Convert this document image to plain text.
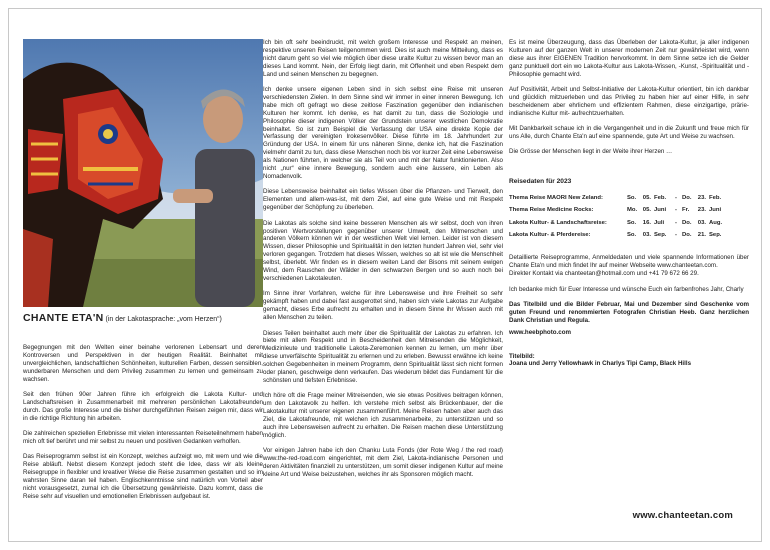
CHANTE ETA'N (in der Lakotasprache: „vom Herzen“)

Begegnungen mit den Welten einer beinahe verlorenen Lebensart und deren Kontroversen und Perspektiven in der heutigen Realität. Beinhaltet mit unvergleichlichen, landschaftlichen Schönheiten, kulturellen Farben, dessen sensiblen, wunderbaren Menschen und dem Privileg zusammen zu lernen und gemeinsam zu wachsen.

Seit den frühen 90er Jahren führe ich erfolgreich die Lakota Kultur- und Landschaftsreisen in Zusammenarbeit mit mehreren persönlichen Lakotafreunden durch. Das große Interesse und die bisher durchgeführten Reisen zeigen mir, dass wir in die richtige Richtung hin arbeiten.

Die zahlreichen speziellen Erlebnisse mit vielen interessanten Reiseteilnehmern haben mich oft tief berührt und mir selbst zu neuen und positiven Gedanken verholfen.

Das Reiseprogramm selbst ist ein Konzept, welches aufzeigt wo, mit wem und wie die Reise abläuft. Nebst diesem Konzept jedoch steht die Idee, dass wir als kleine Reisegruppe in flexibler und kreativer Weise die Reise zusammen gestalten und so im wahrsten Sinne daran teil haben. Englischkenntnisse sind natürlich von Vorteil aber nicht vorausgesetzt, zumal ich die Übersetzung gewährleiste. Dazu kommt, dass die Reise sehr auf visuellen und emotionellen Erlebnissen aufgebaut ist.

Ich bin oft sehr beeindruckt, mit welch großem Interesse und Respekt an meinen, respektive unseren Reisen teilgenommen wird. Dies ist auch meine Mitteilung, dass es nicht darum geht so viel wie möglich über diese uralte Kultur zu wissen bevor man an dieses Land kommt. Nein, der Erfolg liegt darin, mit Offenheit und eben Respekt dem Land und seinen Menschen zu begegnen.

Ich denke unsere eigenen Leben sind in sich selbst eine Reise mit unseren verschiedensten Zielen. In dem Sinne sind wir immer in einer inneren Bewegung. Ich habe mich oft gefragt wo diese zeitlose Faszination gegenüber den indianischen Kulturen her kommt. Ich denke, es hat damit zu tun, dass die Soziologie und Philosophie dieser indigenen Völker der Grundstein unserer westlichen Demokratie beinhaltet. So ist zum Beispiel die Verfassung der USA eine direkte Kopie der Verfassung der vereinigten Irokesenvölker. Diese führte im 18. Jahrhundert zur Gründung der USA. In einem für uns näheren Sinne, denke ich, hat die Faszination vielmehr damit zu tun, dass diese Menschen noch bis vor kurzer Zeit eine Lebensweise als Nationen führten, in welcher sie als Teil von und mit der Natur funktionierten. Also nicht „nur“ eine innere Bewegung, sondern auch eine äussere, ein Leben als Nomadenvolk.

Diese Lebensweise beinhaltet ein tiefes Wissen über die Pflanzen- und Tierwelt, den Elementen und allem-was-ist, mit dem Ziel, auf eine gute Weise und mit Respekt gegenüber der Schöpfung zu überleben.

Die Lakotas als solche sind keine besseren Menschen als wir selbst, doch von ihren positiven Wertvorstellungen gegenüber unserer Umwelt, den Mitmenschen und anderen Völkern können wir in der westlichen Welt viel lernen. Leider ist von diesem Wissen, dieser Philosophie und Spiritualität in den letzten hundert Jahren viel, sehr viel verloren gegangen. Trotzdem hat dieses Wissen, welches so alt ist wie die Menschheit selbst, überlebt. Wir finden es in diesem weiten Land der Bisons mit seinem ewigen Wind, dem Rauschen der Wälder in den schwarzen Bergen und so auch noch bei verschiedenen Lakotaleuten.

Im Sinne ihrer Vorfahren, welche für ihre Lebensweise und ihre Freiheit so sehr gekämpft haben und dabei fast ausgerottet sind, haben sich viele Lakotas zur Aufgabe gemacht, dieses Erbe aufrecht zu erhalten und in diesem Sinne ihr Wissen auch mit allen Menschen zu teilen.

Dieses Teilen beinhaltet auch mehr über die Spiritualität der Lakotas zu erfahren. Ich biete mit allem Respekt und in Bescheidenheit den Mitreisenden die Möglichkeit, Medizinleute und traditionelle Lakota-Zeremonien kennen zu lernen, um mehr über diese unverfälschte Spiritualität zu erlernen und zu erleben. Bewusst erwähne ich keine solchen Gegebenheiten in meinem Programm, denn Spiritualität lässt sich nicht formen oder planen, geschweige denn verkaufen. Das wiederum bildet das Fundament für die schönsten und tiefsten Erlebnisse.

Ich höre oft die Frage meiner Mitreisenden, wie sie etwas Positives beitragen können, um den Lakotavolk zu helfen. Ich verstehe mich selbst als Brückenbauer, der die Lakotakultur mit unserer eigenen zusammenführt. Meine Reisen haben aber auch das Ziel, die Lakotafreunde, mit welchen ich zusammenarbeite, zu unterstützen und so auch ihre Lebensweisen aufrecht zu erhalten. Die Reisen machen diese Unterstützung möglich.

Vor einigen Jahren habe ich den Chanku Luta Fonds (der Rote Weg / the red road) www.the-red-road.com eingerichtet, mit dem Ziel, Lakota-indianische Personen und deren Aktivitäten finanziell zu unterstützen, um somit dieser indigenen Kultur auf meine kleine Art und Weise beizustehen, welches ihr als Sponsoren möglich macht.

Es ist meine Überzeugung, dass das Überleben der Lakota-Kultur, ja aller indigenen Kulturen auf der ganzen Welt in unserer modernen Zeit nur gewährleistet wird, wenn diese aus ihrer EIGENEN Tradition hervorkommt. In dem Sinne setze ich die Gelder ganz punktuell dort ein wo Lakota-Kultur aus Lakota-Wissen, -Kunst, -Spiritualität und -Philosophie gemacht wird.

Auf Positivität, Arbeit und Selbst-Initiative der Lakota-Kultur orientiert, bin ich dankbar und glücklich mitzuerleben und das Privileg zu haben hier auf einer Hilfe, in sehr bescheidenem aber ehrlichem und effizientem Rahmen, diese einzigartige, prärie-indianische Kultur mit- aufrechtzuerhalten.

Mit Dankbarkeit schaue ich in die Vergangenheit und in die Zukunft und freue mich für uns Alle, durch Chante Eta'n auf eine spannende, gute Art und Weise zu wachsen.

Die Grösse der Menschen liegt in der Weite ihrer Herzen …

Reisedaten für 2023
Thema Reise MAORI New Zeland:	So.	05. Feb.	- Do.	23. Feb.
Thema Reise Medicine Rocks:	Mo. 05. Juni	- Fr.	23. Juni
Lakota Kultur- & Landschaftsreise:	So.	16. Juli	- Do.	03. Aug.
Lakota Kultur- & Pferdereise:	So.	03. Sep.	- Do.	21. Sep.

Detaillierte Reiseprogramme, Anmeldedaten und viele spannende Informationen über Chante Eta'n und mich findet Ihr auf meiner Webseite www.chanteetan.com.

Direkter Kontakt via chanteetan@hotmail.com und +41 79 672 66 29.

Ich bedanke mich für Euer Interesse und wünsche Euch ein farbenfrohes Jahr, Charly

Das Titelbild und die Bilder Februar, Mai und Dezember sind Geschenke vom guten Freund und renommierten Fotografen Christian Heeb. Ganz herzlichen Dank Christian und Regula.

www.heebphoto.com
Titelbild:
Joana und Jerry Yellowhawk in Charlys Tipi Camp, Black Hills
www.chanteetan.com
